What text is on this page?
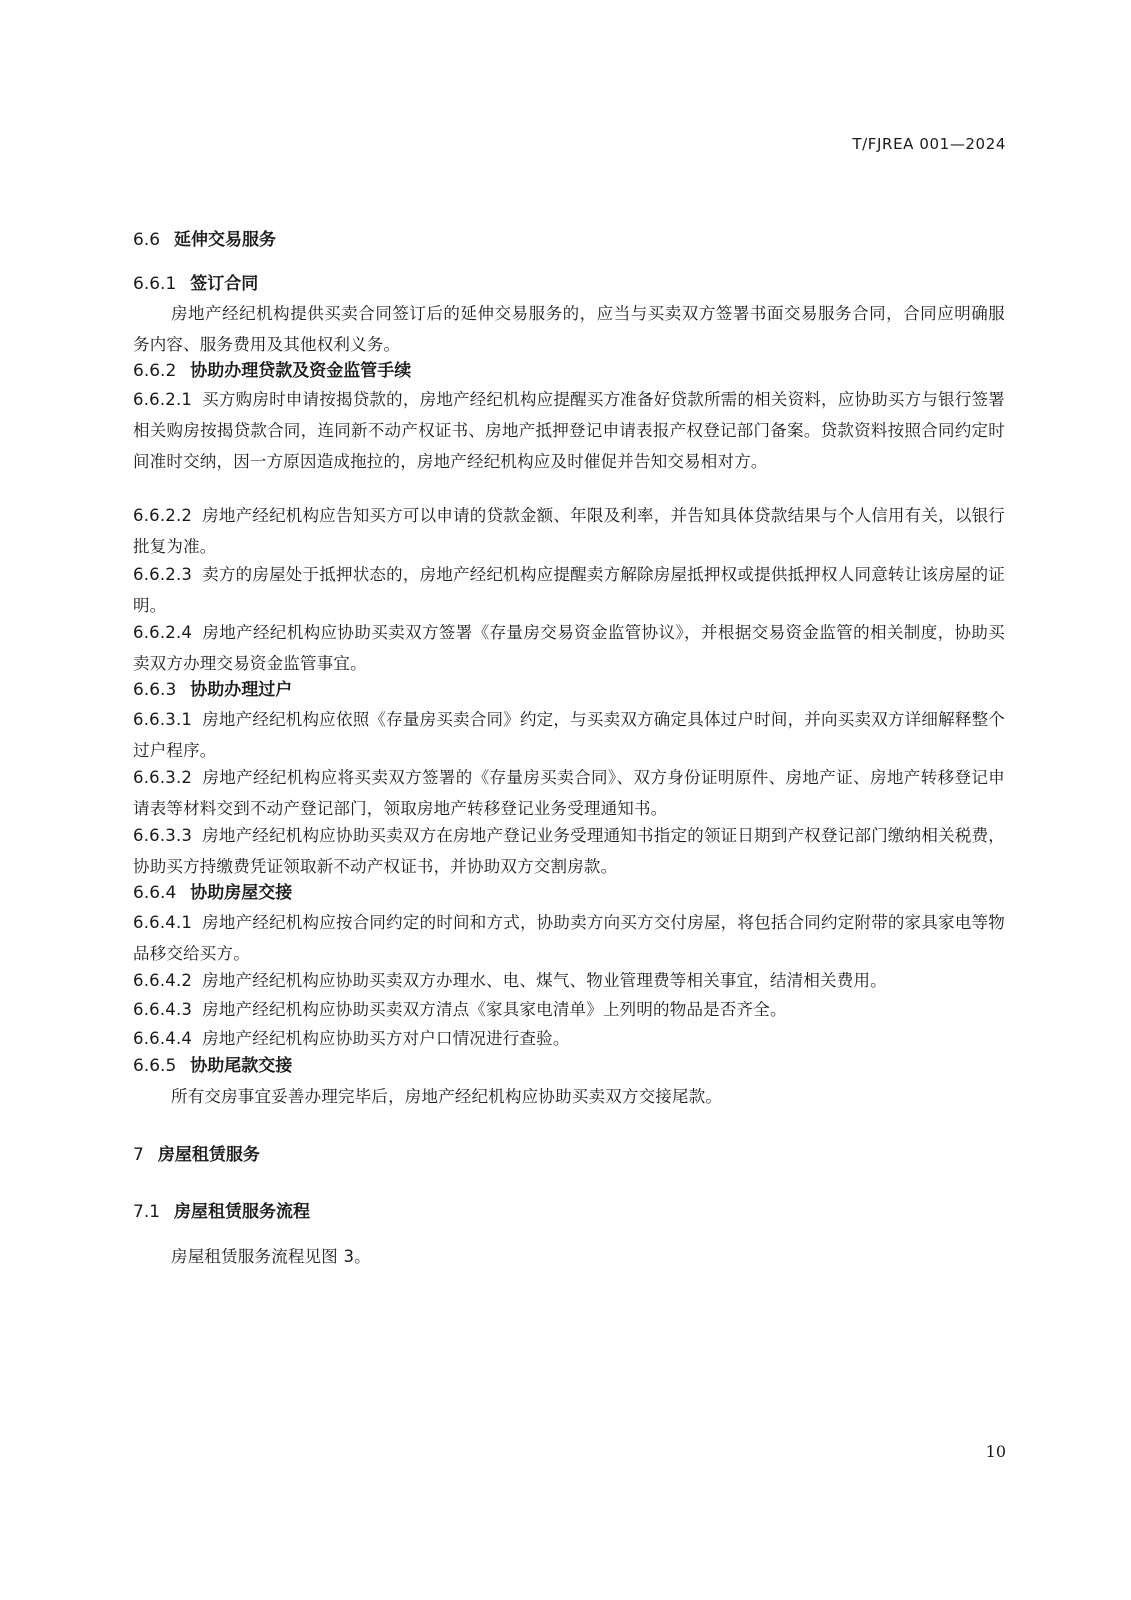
T/FJREA 001—2024
6.6 延伸交易服务
6.6.1 签订合同
房地产经纪机构提供买卖合同签订后的延伸交易服务的，应当与买卖双方签署书面交易服务合同，合同应明确服务内容、服务费用及其他权利义务。
6.6.2 协助办理贷款及资金监管手续
6.6.2.1 买方购房时申请按揭贷款的，房地产经纪机构应提醒买方准备好贷款所需的相关资料，应协助买方与银行签署相关购房按揭贷款合同，连同新不动产权证书、房地产抵押登记申请表报产权登记部门备案。贷款资料按照合同约定时间准时交纳，因一方原因造成拖拉的，房地产经纪机构应及时催促并告知交易相对方。
6.6.2.2 房地产经纪机构应告知买方可以申请的贷款金额、年限及利率，并告知具体贷款结果与个人信用有关，以银行批复为准。
6.6.2.3 卖方的房屋处于抵押状态的，房地产经纪机构应提醒卖方解除房屋抵押权或提供抵押权人同意转让该房屋的证明。
6.6.2.4 房地产经纪机构应协助买卖双方签署《存量房交易资金监管协议》，并根据交易资金监管的相关制度，协助买卖双方办理交易资金监管事宜。
6.6.3 协助办理过户
6.6.3.1 房地产经纪机构应依照《存量房买卖合同》约定，与买卖双方确定具体过户时间，并向买卖双方详细解释整个过户程序。
6.6.3.2 房地产经纪机构应将买卖双方签署的《存量房买卖合同》、双方身份证明原件、房地产证、房地产转移登记申请表等材料交到不动产登记部门，领取房地产转移登记业务受理通知书。
6.6.3.3 房地产经纪机构应协助买卖双方在房地产登记业务受理通知书指定的领证日期到产权登记部门缴纳相关税费，协助买方持缴费凭证领取新不动产权证书，并协助双方交割房款。
6.6.4 协助房屋交接
6.6.4.1 房地产经纪机构应按合同约定的时间和方式，协助卖方向买方交付房屋，将包括合同约定附带的家具家电等物品移交给买方。
6.6.4.2 房地产经纪机构应协助买卖双方办理水、电、煤气、物业管理费等相关事宜，结清相关费用。
6.6.4.3 房地产经纪机构应协助买卖双方清点《家具家电清单》上列明的物品是否齐全。
6.6.4.4 房地产经纪机构应协助买方对户口情况进行查验。
6.6.5 协助尾款交接
所有交房事宜妥善办理完毕后，房地产经纪机构应协助买卖双方交接尾款。
7 房屋租赁服务
7.1 房屋租赁服务流程
房屋租赁服务流程见图 3。
10
